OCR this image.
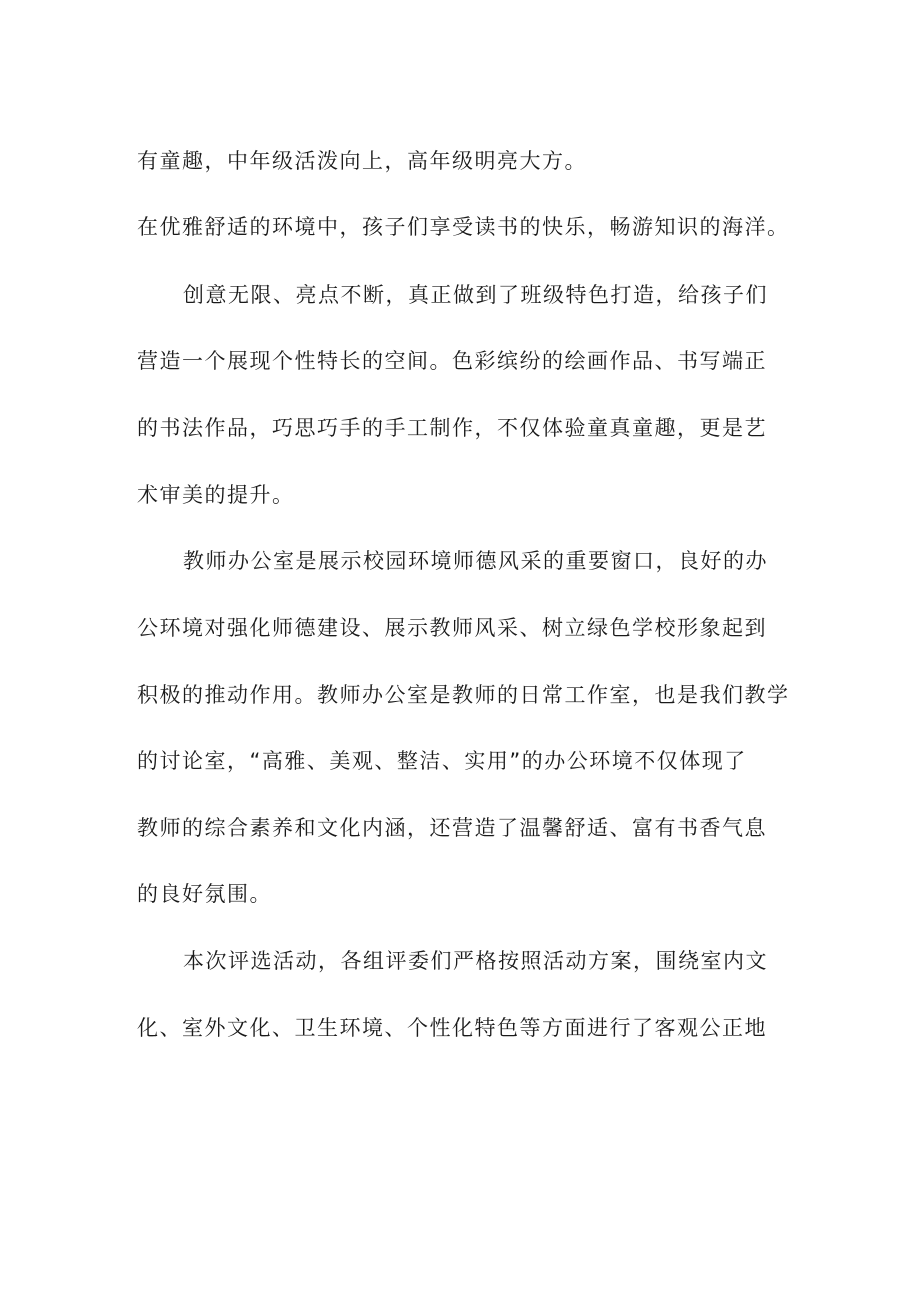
有童趣，中年级活泼向上，高年级明亮大方。
在优雅舒适的环境中，孩子们享受读书的快乐，畅游知识的海洋。
创意无限、亮点不断，真正做到了班级特色打造，给孩子们
营造一个展现个性特长的空间。色彩缤纷的绘画作品、书写端正
的书法作品，巧思巧手的手工制作，不仅体验童真童趣，更是艺
术审美的提升。
教师办公室是展示校园环境师德风采的重要窗口，良好的办
公环境对强化师德建设、展示教师风采、树立绿色学校形象起到
积极的推动作用。教师办公室是教师的日常工作室，也是我们教学
的讨论室，“高雅、美观、整洁、实用”的办公环境不仅体现了
教师的综合素养和文化内涵，还营造了温馨舒适、富有书香气息
的良好氛围。
本次评选活动，各组评委们严格按照活动方案，围绕室内文
化、室外文化、卫生环境、个性化特色等方面进行了客观公正地
